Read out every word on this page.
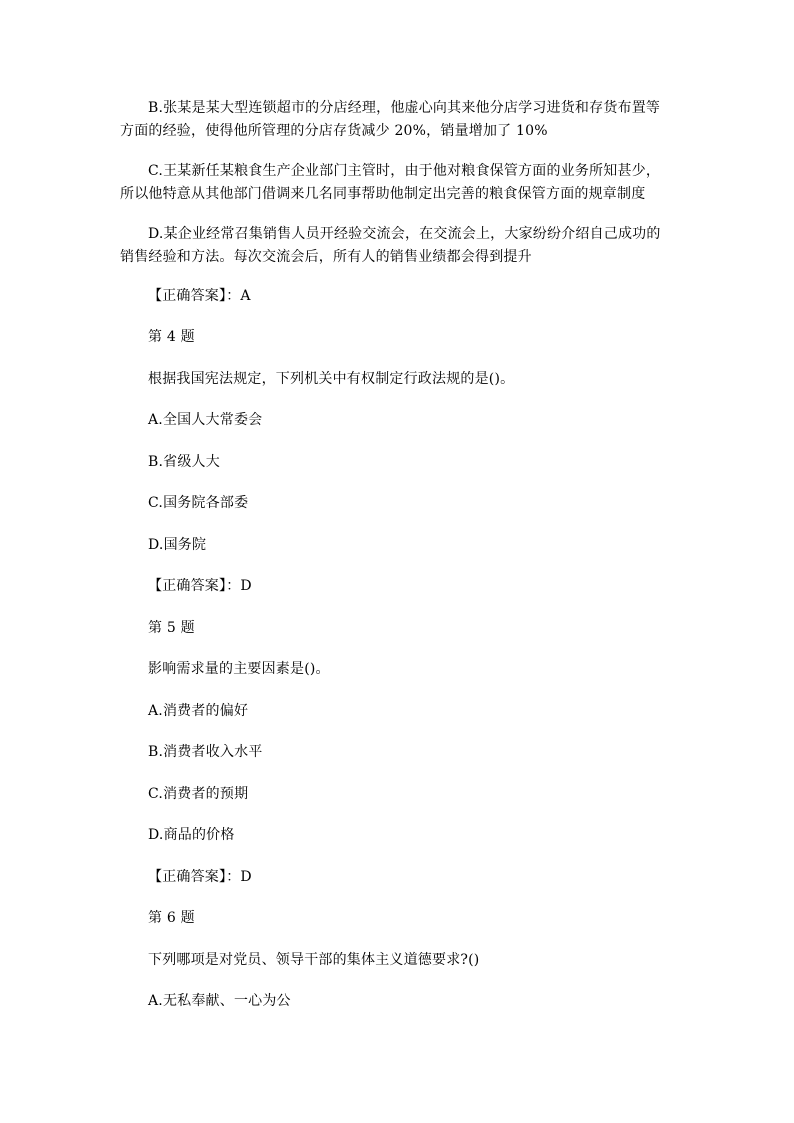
B.张某是某大型连锁超市的分店经理，他虚心向其来他分店学习进货和存货布置等方面的经验，使得他所管理的分店存货减少 20%，销量增加了 10%
C.王某新任某粮食生产企业部门主管时，由于他对粮食保管方面的业务所知甚少，所以他特意从其他部门借调来几名同事帮助他制定出完善的粮食保管方面的规章制度
D.某企业经常召集销售人员开经验交流会，在交流会上，大家纷纷介绍自己成功的销售经验和方法。每次交流会后，所有人的销售业绩都会得到提升
【正确答案】：A
第 4 题
根据我国宪法规定，下列机关中有权制定行政法规的是()。
A.全国人大常委会
B.省级人大
C.国务院各部委
D.国务院
【正确答案】：D
第 5 题
影响需求量的主要因素是()。
A.消费者的偏好
B.消费者收入水平
C.消费者的预期
D.商品的价格
【正确答案】：D
第 6 题
下列哪项是对党员、领导干部的集体主义道德要求?()
A.无私奉献、一心为公
